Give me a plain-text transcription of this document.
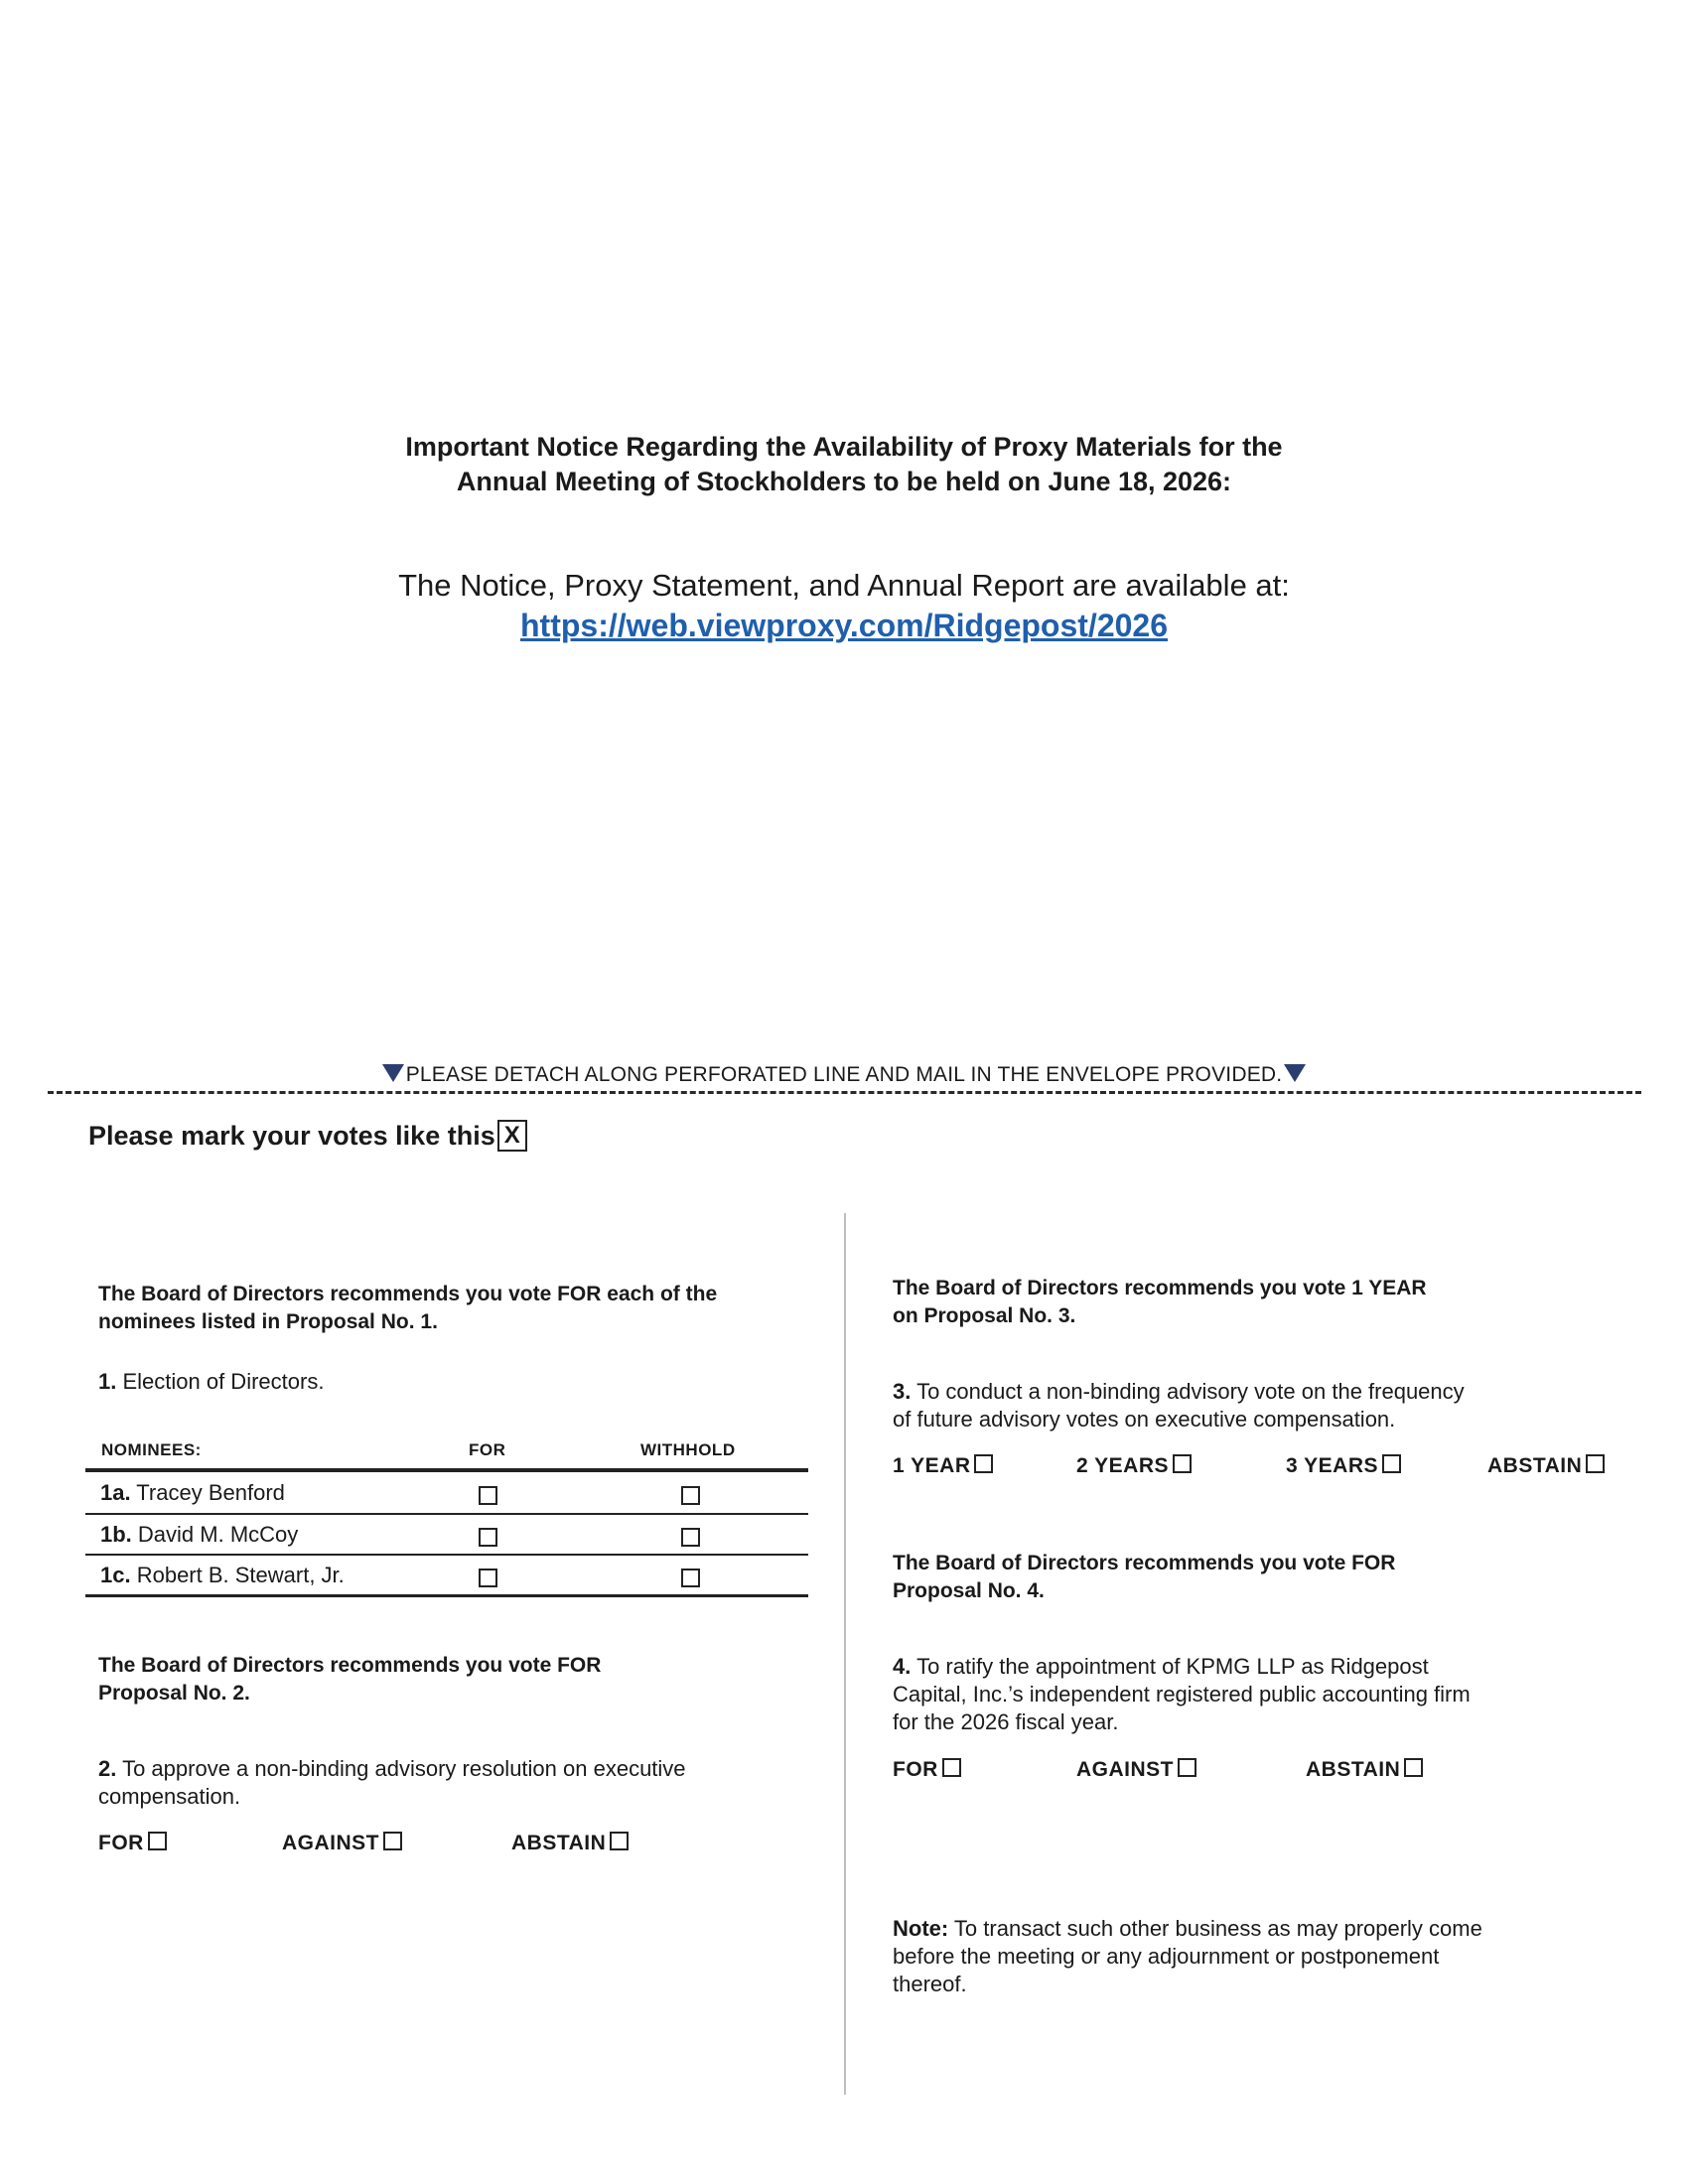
Important Notice Regarding the Availability of Proxy Materials for the
Annual Meeting of Stockholders to be held on June 18, 2026:
The Notice, Proxy Statement, and Annual Report are available at:
https://web.viewproxy.com/Ridgepost/2026
PLEASE DETACH ALONG PERFORATED LINE AND MAIL IN THE ENVELOPE PROVIDED.
Please mark your votes like this X
The Board of Directors recommends you vote FOR each of the
nominees listed in Proposal No. 1.
1. Election of Directors.
NOMINEES:	FOR	WITHHOLD
1a. Tracey Benford
1b. David M. McCoy
1c. Robert B. Stewart, Jr.
The Board of Directors recommends you vote FOR
Proposal No. 2.
2. To approve a non-binding advisory resolution on executive
compensation.
FOR	AGAINST	ABSTAIN
The Board of Directors recommends you vote 1 YEAR
on Proposal No. 3.
3. To conduct a non-binding advisory vote on the frequency
of future advisory votes on executive compensation.
1 YEAR	2 YEARS	3 YEARS	ABSTAIN
The Board of Directors recommends you vote FOR
Proposal No. 4.
4. To ratify the appointment of KPMG LLP as Ridgepost
Capital, Inc.’s independent registered public accounting firm
for the 2026 fiscal year.
FOR	AGAINST	ABSTAIN
Note: To transact such other business as may properly come
before the meeting or any adjournment or postponement
thereof.
